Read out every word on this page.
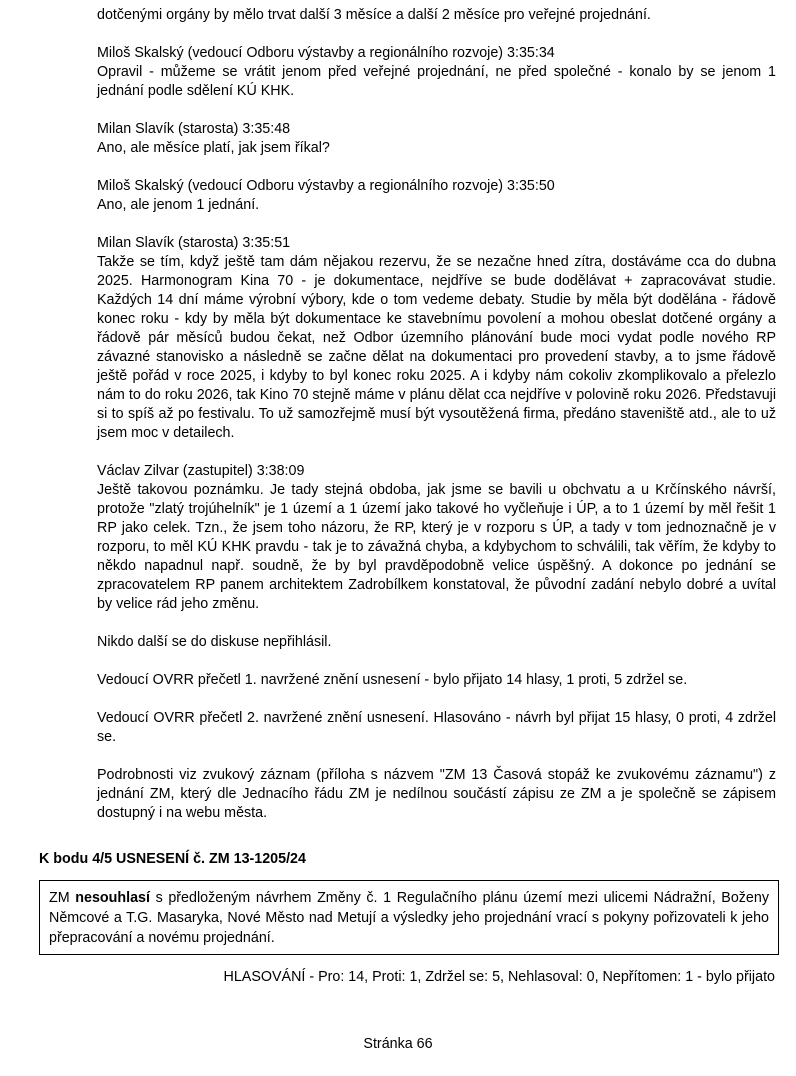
dotčenými orgány by mělo trvat další 3 měsíce a další 2 měsíce pro veřejné projednání.

Miloš Skalský (vedoucí Odboru výstavby a regionálního rozvoje) 3:35:34

Opravil - můžeme se vrátit jenom před veřejné projednání, ne před společné - konalo by se jenom 1 jednání podle sdělení KÚ KHK.

Milan Slavík (starosta) 3:35:48

Ano, ale měsíce platí, jak jsem říkal?

Miloš Skalský (vedoucí Odboru výstavby a regionálního rozvoje) 3:35:50

Ano, ale jenom 1 jednání.

Milan Slavík (starosta) 3:35:51

Takže se tím, když ještě tam dám nějakou rezervu, že se nezačne hned zítra, dostáváme cca do dubna 2025. Harmonogram Kina 70 - je dokumentace, nejdříve se bude dodělávat + zapracovávat studie. Každých 14 dní máme výrobní výbory, kde o tom vedeme debaty. Studie by měla být dodělána - řádově konec roku - kdy by měla být dokumentace ke stavebnímu povolení a mohou obeslat dotčené orgány a řádově pár měsíců budou čekat, než Odbor územního plánování bude moci vydat podle nového RP závazné stanovisko a následně se začne dělat na dokumentaci pro provedení stavby, a to jsme řádově ještě pořád v roce 2025, i kdyby to byl konec roku 2025. A i kdyby nám cokoliv zkomplikovalo a přelezlo nám to do roku 2026, tak Kino 70 stejně máme v plánu dělat cca nejdříve v polovině roku 2026. Představuji si to spíš až po festivalu. To už samozřejmě musí být vysoutěžená firma, předáno staveniště atd., ale to už jsem moc v detailech.

Václav Zilvar (zastupitel) 3:38:09

Ještě takovou poznámku. Je tady stejná obdoba, jak jsme se bavili u obchvatu a u Krčínského návrší, protože "zlatý trojúhelník" je 1 území a 1 území jako takové ho vyčleňuje i ÚP, a to 1 území by měl řešit 1 RP jako celek. Tzn., že jsem toho názoru, že RP, který je v rozporu s ÚP, a tady v tom jednoznačně je v rozporu, to měl KÚ KHK pravdu - tak je to závažná chyba, a kdybychom to schválili, tak věřím, že kdyby to někdo napadnul např. soudně, že by byl pravděpodobně velice úspěšný. A dokonce po jednání se zpracovatelem RP panem architektem Zadrobílkem konstatoval, že původní zadání nebylo dobré a uvítal by velice rád jeho změnu.

Nikdo další se do diskuse nepřihlásil.

Vedoucí OVRR přečetl 1. navržené znění usnesení - bylo přijato 14 hlasy, 1 proti, 5 zdržel se.

Vedoucí OVRR přečetl 2. navržené znění usnesení. Hlasováno - návrh byl přijat 15 hlasy, 0 proti, 4 zdržel se.

Podrobnosti viz zvukový záznam (příloha s názvem "ZM 13 Časová stopáž ke zvukovému záznamu") z jednání ZM, který dle Jednacího řádu ZM je nedílnou součástí zápisu ze ZM a je společně se zápisem dostupný i na webu města.

K bodu 4/5 USNESENÍ č. ZM 13-1205/24

ZM nesouhlasí s předloženým návrhem Změny č. 1 Regulačního plánu území mezi ulicemi Nádražní, Boženy Němcové a T.G. Masaryka, Nové Město nad Metují a výsledky jeho projednání vrací s pokyny pořizovateli k jeho přepracování a novému projednání.

HLASOVÁNÍ - Pro: 14, Proti: 1, Zdržel se: 5, Nehlasoval: 0, Nepřítomen: 1 - bylo přijato

Stránka 66
